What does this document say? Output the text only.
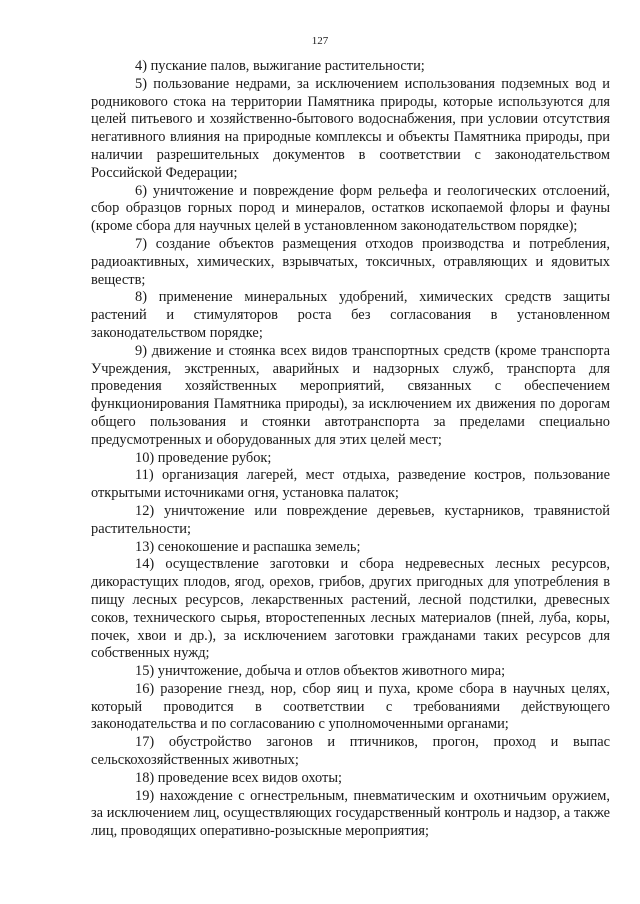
127

4) пускание палов, выжигание растительности;

5) пользование недрами, за исключением использования подземных вод и родникового стока на территории Памятника природы, которые используются для целей питьевого и хозяйственно-бытового водоснабжения, при условии отсутствия негативного влияния на природные комплексы и объекты Памятника природы, при наличии разрешительных документов в соответствии с законодательством Российской Федерации;

6) уничтожение и повреждение форм рельефа и геологических отслоений, сбор образцов горных пород и минералов, остатков ископаемой флоры и фауны (кроме сбора для научных целей в установленном законодательством порядке);

7) создание объектов размещения отходов производства и потребления, радиоактивных, химических, взрывчатых, токсичных, отравляющих и ядовитых веществ;

8) применение минеральных удобрений, химических средств защиты растений и стимуляторов роста без согласования в установленном законодательством порядке;

9) движение и стоянка всех видов транспортных средств (кроме транспорта Учреждения, экстренных, аварийных и надзорных служб, транспорта для проведения хозяйственных мероприятий, связанных с обеспечением функционирования Памятника природы), за исключением их движения по дорогам общего пользования и стоянки автотранспорта за пределами специально предусмотренных и оборудованных для этих целей мест;

10) проведение рубок;

11) организация лагерей, мест отдыха, разведение костров, пользование открытыми источниками огня, установка палаток;

12) уничтожение или повреждение деревьев, кустарников, травянистой растительности;

13) сенокошение и распашка земель;

14) осуществление заготовки и сбора недревесных лесных ресурсов, дикорастущих плодов, ягод, орехов, грибов, других пригодных для употребления в пищу лесных ресурсов, лекарственных растений, лесной подстилки, древесных соков, технического сырья, второстепенных лесных материалов (пней, луба, коры, почек, хвои и др.), за исключением заготовки гражданами таких ресурсов для собственных нужд;

15) уничтожение, добыча и отлов объектов животного мира;

16) разорение гнезд, нор, сбор яиц и пуха, кроме сбора в научных целях, который проводится в соответствии с требованиями действующего законодательства и по согласованию с уполномоченными органами;

17) обустройство загонов и птичников, прогон, проход и выпас сельскохозяйственных животных;

18) проведение всех видов охоты;

19) нахождение с огнестрельным, пневматическим и охотничьим оружием, за исключением лиц, осуществляющих государственный контроль и надзор, а также лиц, проводящих оперативно-розыскные мероприятия;
